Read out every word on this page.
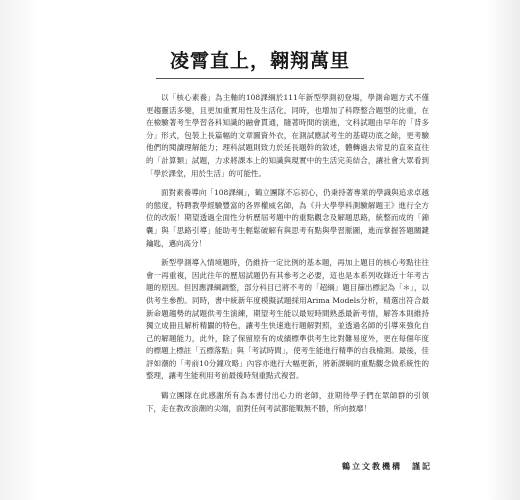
凌霄直上，翱翔萬里

以「核心素養」為主軸的108課綱於111年新型學測初登場，學測命題方式不僅更趨靈活多變，且更加重實用性及生活化，同時，也增加了科際整合題型的比重，在在檢驗著考生學習各科知識的融會貫通，隨著時間的演進，文科試題由早年的「背多分」形式，包裝上長篇幅的文章圖資外衣，在測試應試考生的基礎功底之餘，更考驗他們的閱讀理解能力；理科試題則致力於延長題幹的敘述，體轉過去常見的直來直往的「計算類」試題，力求將課本上的知識與現實中的生活完美結合，讓社會大眾看到「學於課堂，用於生活」的可能性。

面對素養導向「108課綱」，鶴立團隊不忘初心，仍秉持著專業的學識與追求卓越的態度，特聘教學經驗豐富的各界權威名師，為《升大學學科測驗解題王》進行全方位的改版！期望透過全面性分析歷屆考題中的重點觀念及解題思路，統整而成的「錦囊」與「思路引導」能助考生輕鬆破解有與思考有點與學習脈圖，進而掌握答題關鍵鑰匙，邁向高分！

新型學測導入情境題時，仍維持一定比例的基本題，再加上題目的核心考點往往會一再重複，因此往年的歷屆試題仍有其參考之必要，這也是本系列收錄近十年考古題的原因。但因應課綱調整，部分科目已將不考的「超綱」題目篩出標記為「＊」，以供考生參酌。同時，書中統新年度模擬試題採用Arima Models分析，精選出符合最新命題趨勢的試題供考生演練，期望考生能以最短時間熟悉最新考情，解答本則維持獨立成冊且解析精闢的特色，讓考生快速進行題解對照，並透過名師的引導來強化自己的解題能力，此外，除了保留原有的成績標準供考生比對難易度外，更在每個年度的標題上標註「五標落點」與「考試時間」，使考生能進行精準的自我檢測。最後，佳評如潮的「考前10分鐘攻略」內容亦進行大幅更新，將新課綱的重點觀念做系統性的整理，讓考生能利用考前最後時刻重點式複習。

鶴立團隊在此感謝所有為本書付出心力的老師，並期待學子們在眾師群的引領下，走在教改浪潮的尖端，面對任何考試都能戰無不勝，所向披靡！

鶴立文教機構　謹記
